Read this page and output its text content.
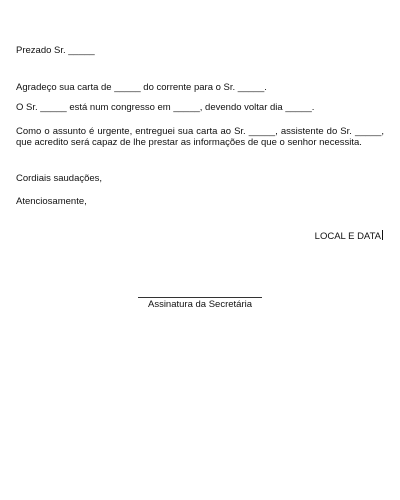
Prezado Sr. _____
Agradeço sua carta de _____ do corrente para o Sr. _____.
O Sr. _____ está num congresso em _____, devendo voltar dia _____.
Como o assunto é urgente, entreguei sua carta ao Sr. _____, assistente do Sr. _____, que acredito será capaz de lhe prestar as informações de que o senhor necessita.
Cordiais saudações,
Atenciosamente,
LOCAL E DATA
Assinatura da Secretária
